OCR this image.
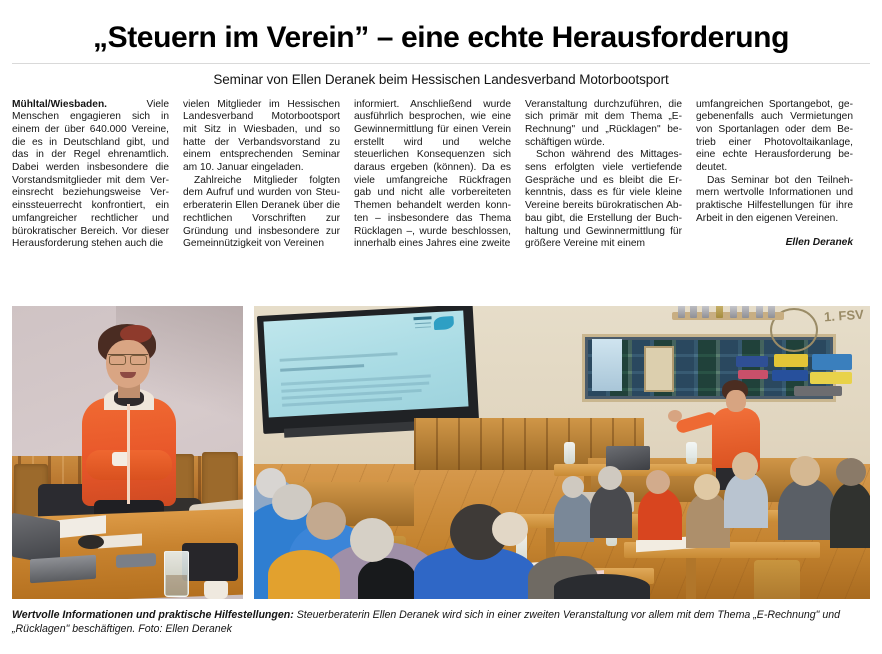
„Steuern im Verein” – eine echte Herausforderung
Seminar von Ellen Deranek beim Hessischen Landesverband Motorbootsport

Mühltal/Wiesbaden. Viele Menschen engagieren sich in einem der über 640.000 Vereine, die es in Deutschland gibt, und das in der Regel ehrenamtlich. Dabei werden insbesondere die Vorstandsmitglieder mit dem Vereinsrecht beziehungsweise Vereinssteuerrecht konfrontiert, ein umfangreicher rechtlicher und bürokratischer Bereich. Vor dieser Herausforderung stehen auch die

vielen Mitglieder im Hessischen Landesverband Motorbootsport mit Sitz in Wiesbaden, und so hatte der Verbandsvorstand zu einem entsprechenden Seminar am 10. Januar eingeladen.

Zahlreiche Mitglieder folgten dem Aufruf und wurden von Steuerberaterin Ellen Deranek über die rechtlichen Vorschriften zur Gründung und insbesondere zur Gemeinnützigkeit von Vereinen

informiert. Anschließend wurde ausführlich besprochen, wie eine Gewinnermittlung für einen Verein erstellt wird und welche steuerlichen Konsequenzen sich daraus ergeben (können). Da es viele umfangreiche Rückfragen gab und nicht alle vorbereiteten Themen behandelt werden konnten – insbesondere das Thema Rücklagen –, wurde beschlossen, innerhalb eines Jahres eine zweite

Veranstaltung durchzuführen, die sich primär mit dem Thema „E-Rechnung" und „Rücklagen" beschäftigen würde.

Schon während des Mittagessens erfolgten viele vertiefende Gespräche und es bleibt die Erkenntnis, dass es für viele kleine Vereine bereits bürokratischen Abbau gibt, die Erstellung der Buchhaltung und Gewinnermittlung für größere Vereine mit einem

umfangreichen Sportangebot, gegebenenfalls auch Vermietungen von Sportanlagen oder dem Betrieb einer Photovoltaikanlage, eine echte Herausforderung bedeutet.

Das Seminar bot den Teilnehmern wertvolle Informationen und praktische Hilfestellungen für ihre Arbeit in den eigenen Vereinen.

Ellen Deranek
1. FSV
Wertvolle Informationen und praktische Hilfestellungen: Steuerberaterin Ellen Deranek wird sich in einer zweiten Veranstaltung vor allem mit dem Thema „E-Rechnung" und „Rücklagen" beschäftigen. Foto: Ellen Deranek
